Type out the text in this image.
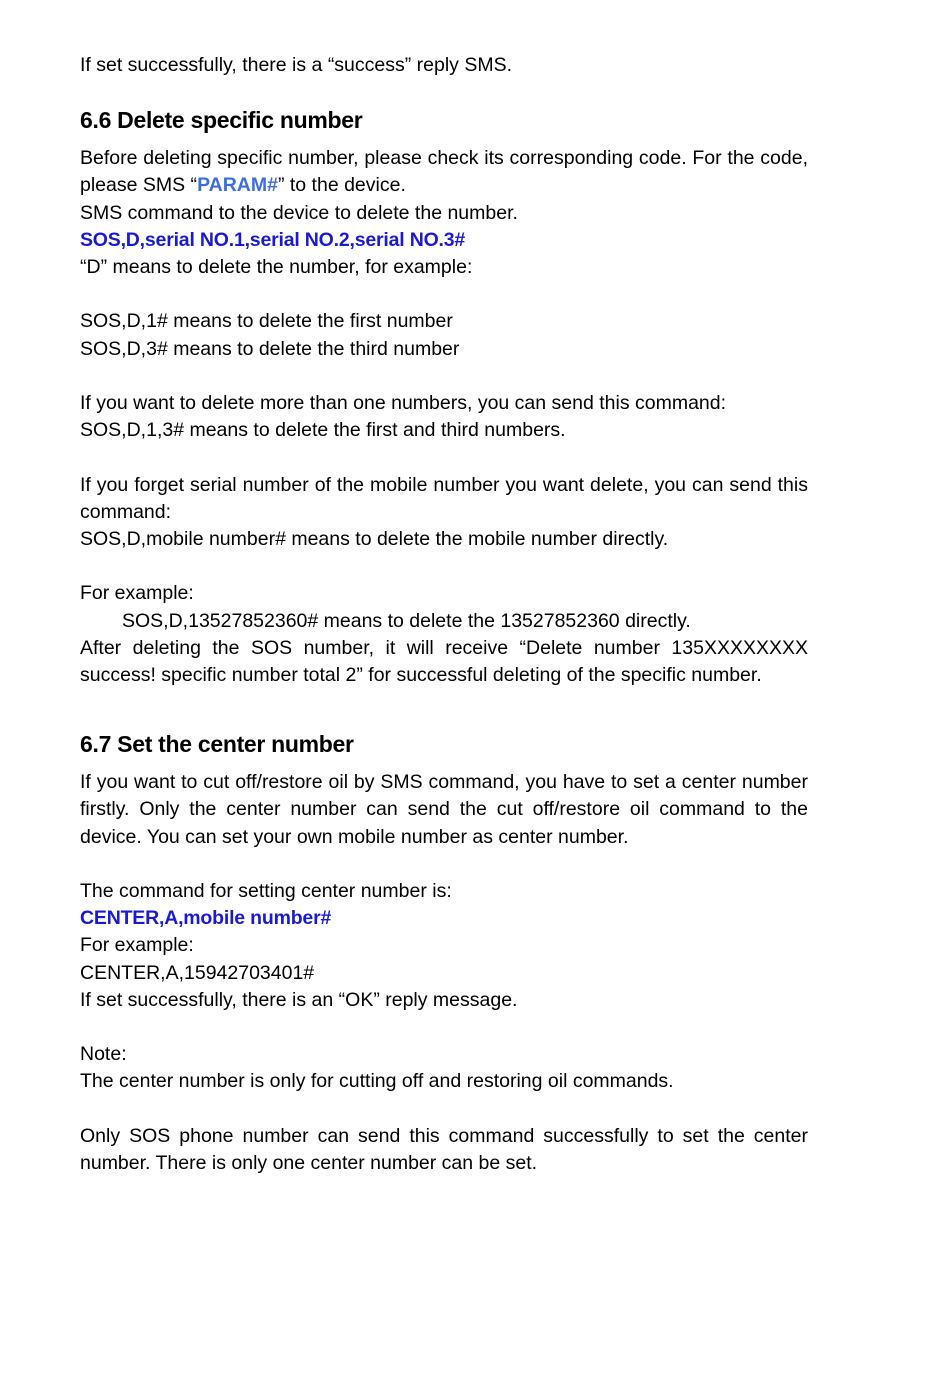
If set successfully, there is a “success” reply SMS.

6.6 Delete specific number

Before deleting specific number, please check its corresponding code. For the code, please SMS “PARAM#” to the device.

SMS command to the device to delete the number.

SOS,D,serial NO.1,serial NO.2,serial NO.3#

“D” means to delete the number, for example:

SOS,D,1# means to delete the first number

SOS,D,3# means to delete the third number

If you want to delete more than one numbers, you can send this command:

SOS,D,1,3# means to delete the first and third numbers.

If you forget serial number of the mobile number you want delete, you can send this command:

SOS,D,mobile number# means to delete the mobile number directly.

For example:

SOS,D,13527852360# means to delete the 13527852360 directly.

After deleting the SOS number, it will receive “Delete number 135XXXXXXXX success! specific number total 2” for successful deleting of the specific number.

6.7 Set the center number

If you want to cut off/restore oil by SMS command, you have to set a center number firstly. Only the center number can send the cut off/restore oil command to the device. You can set your own mobile number as center number.

The command for setting center number is:

CENTER,A,mobile number#

For example:

CENTER,A,15942703401#

If set successfully, there is an “OK” reply message.

Note:

The center number is only for cutting off and restoring oil commands.

Only SOS phone number can send this command successfully to set the center number. There is only one center number can be set.
